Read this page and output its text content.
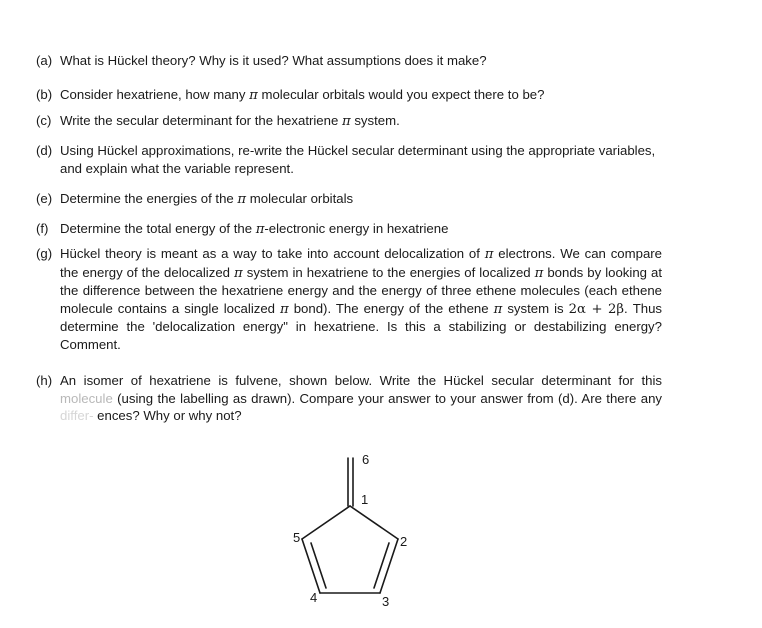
(a) What is Hückel theory? Why is it used? What assumptions does it make?
(b) Consider hexatriene, how many π molecular orbitals would you expect there to be?
(c) Write the secular determinant for the hexatriene π system.
(d) Using Hückel approximations, re-write the Hückel secular determinant using the appropriate variables, and explain what the variable represent.
(e) Determine the energies of the π molecular orbitals
(f) Determine the total energy of the π-electronic energy in hexatriene
(g) Hückel theory is meant as a way to take into account delocalization of π electrons. We can compare the energy of the delocalized π system in hexatriene to the energies of localized π bonds by looking at the difference between the hexatriene energy and the energy of three ethene molecules (each ethene molecule contains a single localized π bond). The energy of the ethene π system is 2α + 2β. Thus determine the 'delocalization energy" in hexatriene. Is this a stabilizing or destabilizing energy? Comment.
(h) An isomer of hexatriene is fulvene, shown below. Write the Hückel secular determinant for this molecule (using the labelling as drawn). Compare your answer to your answer from (d). Are there any differ- ences? Why or why not?
6
1
2
3
4
5
